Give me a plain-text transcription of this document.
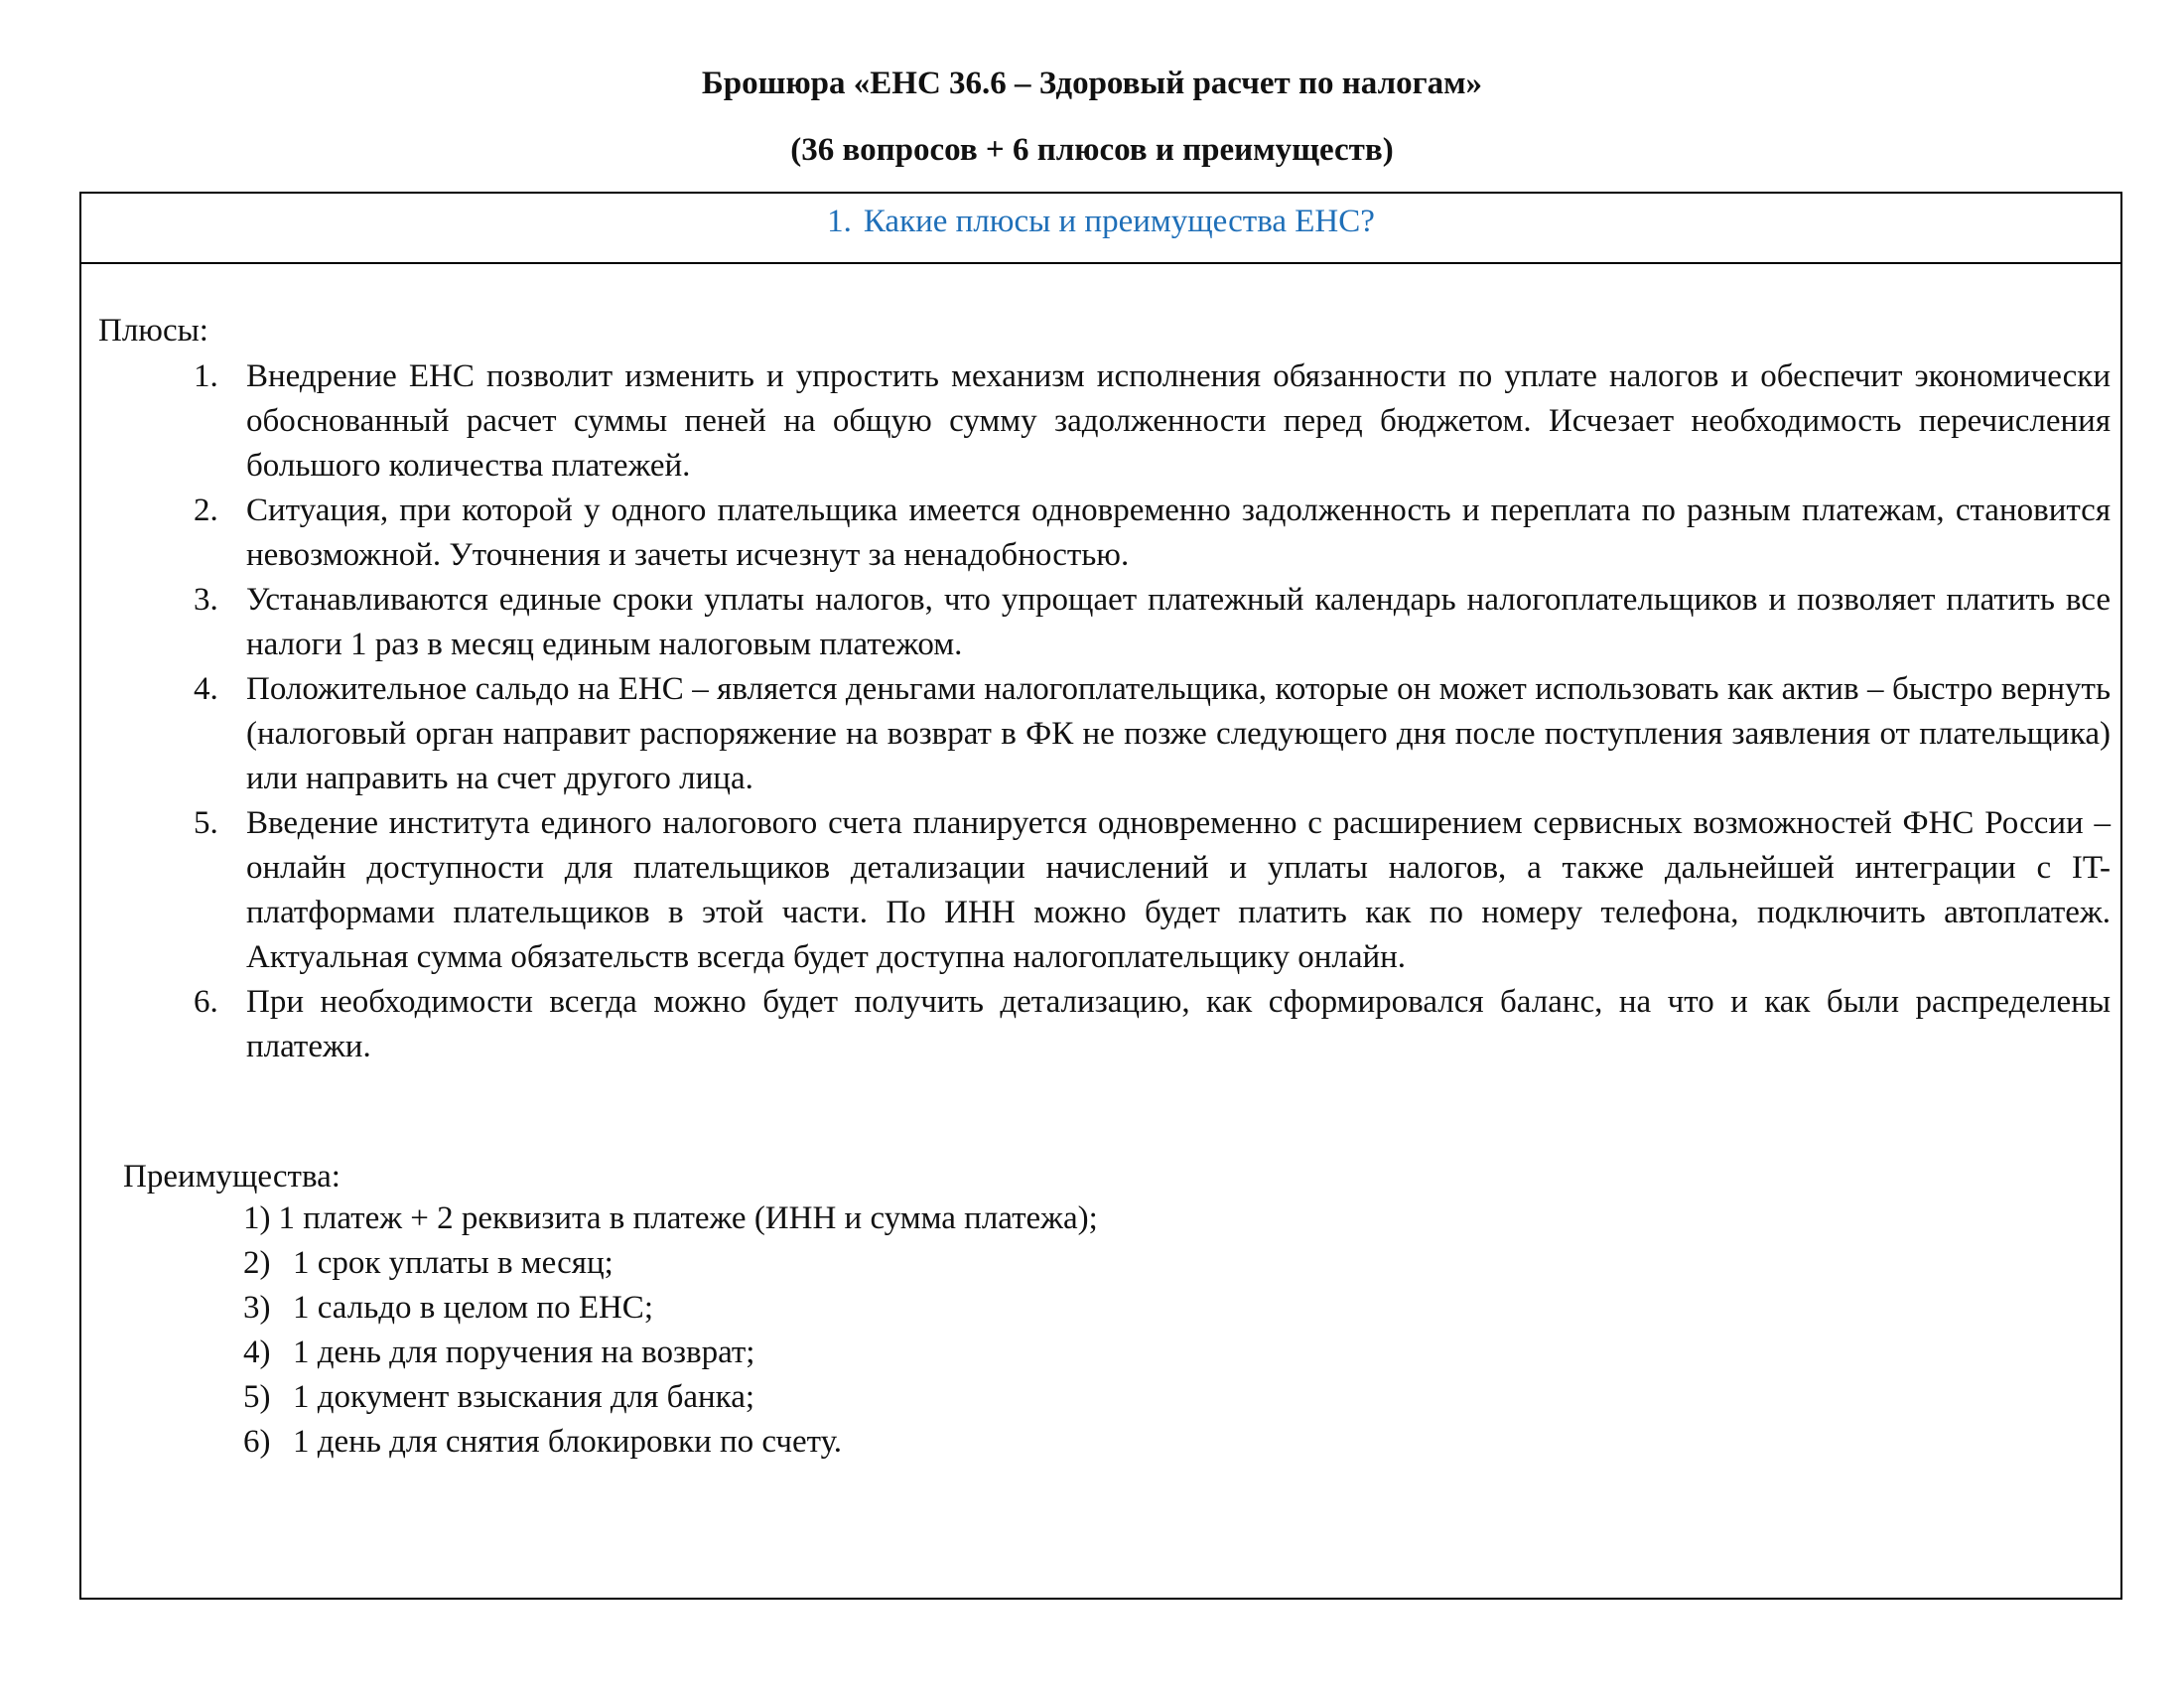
Брошюра «ЕНС 36.6 – Здоровый расчет по налогам»
(36 вопросов + 6 плюсов и преимуществ)

1. Какие плюсы и преимущества ЕНС?

Плюсы:

1. Внедрение ЕНС позволит изменить и упростить механизм исполнения обязанности по уплате налогов и обеспечит экономически обоснованный расчет суммы пеней на общую сумму задолженности перед бюджетом. Исчезает необходимость перечисления большого количества платежей.
2. Ситуация, при которой у одного плательщика имеется одновременно задолженность и переплата по разным платежам, становится невозможной. Уточнения и зачеты исчезнут за ненадобностью.
3. Устанавливаются единые сроки уплаты налогов, что упрощает платежный календарь налогоплательщиков и позволяет платить все налоги 1 раз в месяц единым налоговым платежом.
4. Положительное сальдо на ЕНС – является деньгами налогоплательщика, которые он может использовать как актив – быстро вернуть (налоговый орган направит распоряжение на возврат в ФК не позже следующего дня после поступления заявления от плательщика) или направить на счет другого лица.
5. Введение института единого налогового счета планируется одновременно с расширением сервисных возможностей ФНС России – онлайн доступности для плательщиков детализации начислений и уплаты налогов, а также дальнейшей интеграции с IT-платформами плательщиков в этой части. По ИНН можно будет платить как по номеру телефона, подключить автоплатеж. Актуальная сумма обязательств всегда будет доступна налогоплательщику онлайн.
6. При необходимости всегда можно будет получить детализацию, как сформировался баланс, на что и как были распределены платежи.

Преимущества:

1) 1 платеж + 2 реквизита в платеже (ИНН и сумма платежа);
2) 1 срок уплаты в месяц;
3) 1 сальдо в целом по ЕНС;
4) 1 день для поручения на возврат;
5) 1 документ взыскания для банка;
6) 1 день для снятия блокировки по счету.
